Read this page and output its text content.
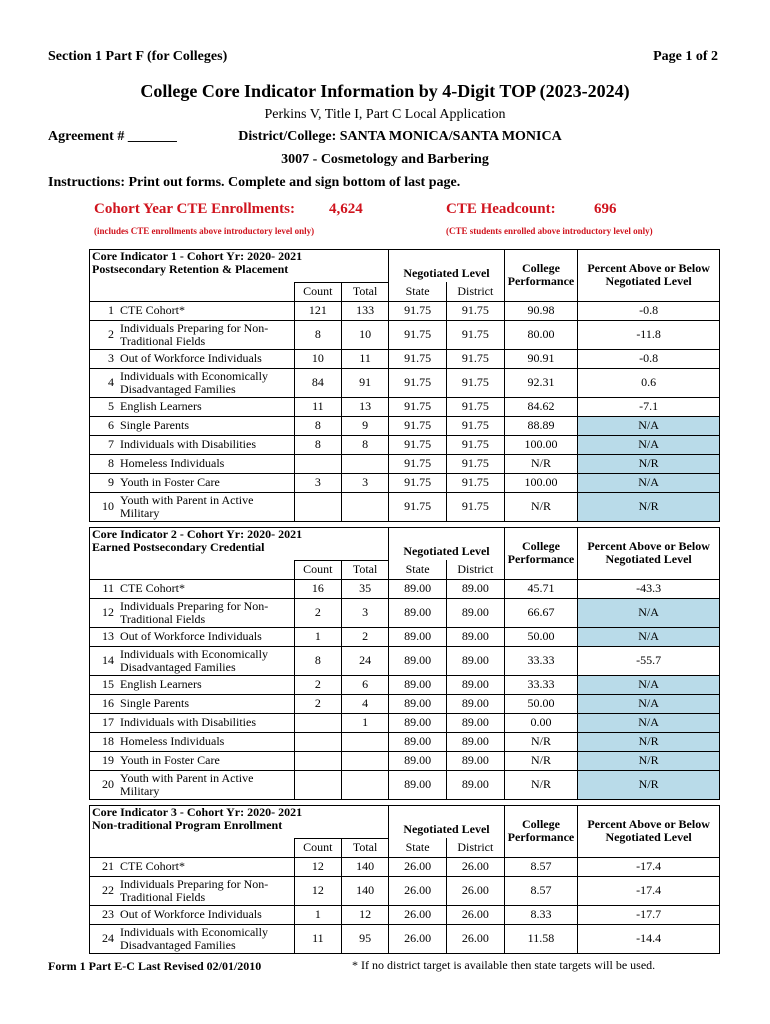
Section 1 Part F (for Colleges)	Page 1 of 2
College Core Indicator Information by 4-Digit TOP (2023-2024)
Perkins V, Title I, Part C Local Application
Agreement # _______	District/College: SANTA MONICA/SANTA MONICA
3007 - Cosmetology and Barbering
Instructions: Print out forms. Complete and sign bottom of last page.
Cohort Year CTE Enrollments: 4,624
(includes CTE enrollments above introductory level only)
CTE Headcount:	696
(CTE students enrolled above introductory level only)
Core Indicator 1 - Cohort Yr: 2020- 2021
Postsecondary Retention & Placement					College Performance	Percent Above or Below Negotiated Level
			Negotiated Level			
	Count	Total	State	District		
1 CTE Cohort*	121	133	91.75	91.75	90.98	-0.8
2 Individuals Preparing for Non-Traditional Fields	8	10	91.75	91.75	80.00	-11.8
3 Out of Workforce Individuals	10	11	91.75	91.75	90.91	-0.8
4 Individuals with Economically Disadvantaged Families	84	91	91.75	91.75	92.31	0.6
5 English Learners	11	13	91.75	91.75	84.62	-7.1
6 Single Parents	8	9	91.75	91.75	88.89	N/A
7 Individuals with Disabilities	8	8	91.75	91.75	100.00	N/A
8 Homeless Individuals			91.75	91.75	N/R	N/R
9 Youth in Foster Care	3	3	91.75	91.75	100.00	N/A
10 Youth with Parent in Active Military			91.75	91.75	N/R	N/R
Core Indicator 2 - Cohort Yr: 2020- 2021
Earned Postsecondary Credential					College Performance	Percent Above or Below Negotiated Level
			Negotiated Level			
	Count	Total	State	District		
11 CTE Cohort*	16	35	89.00	89.00	45.71	-43.3
12 Individuals Preparing for Non-Traditional Fields	2	3	89.00	89.00	66.67	N/A
13 Out of Workforce Individuals	1	2	89.00	89.00	50.00	N/A
14 Individuals with Economically Disadvantaged Families	8	24	89.00	89.00	33.33	-55.7
15 English Learners	2	6	89.00	89.00	33.33	N/A
16 Single Parents	2	4	89.00	89.00	50.00	N/A
17 Individuals with Disabilities		1	89.00	89.00	0.00	N/A
18 Homeless Individuals			89.00	89.00	N/R	N/R
19 Youth in Foster Care			89.00	89.00	N/R	N/R
20 Youth with Parent in Active Military			89.00	89.00	N/R	N/R
Core Indicator 3 - Cohort Yr: 2020- 2021
Non-traditional Program Enrollment					College Performance	Percent Above or Below Negotiated Level
			Negotiated Level			
	Count	Total	State	District		
21 CTE Cohort*	12	140	26.00	26.00	8.57	-17.4
22 Individuals Preparing for Non-Traditional Fields	12	140	26.00	26.00	8.57	-17.4
23 Out of Workforce Individuals	1	12	26.00	26.00	8.33	-17.7
24 Individuals with Economically Disadvantaged Families	11	95	26.00	26.00	11.58	-14.4
Form 1 Part E-C Last Revised 02/01/2010	* If no district target is available then state targets will be used.
